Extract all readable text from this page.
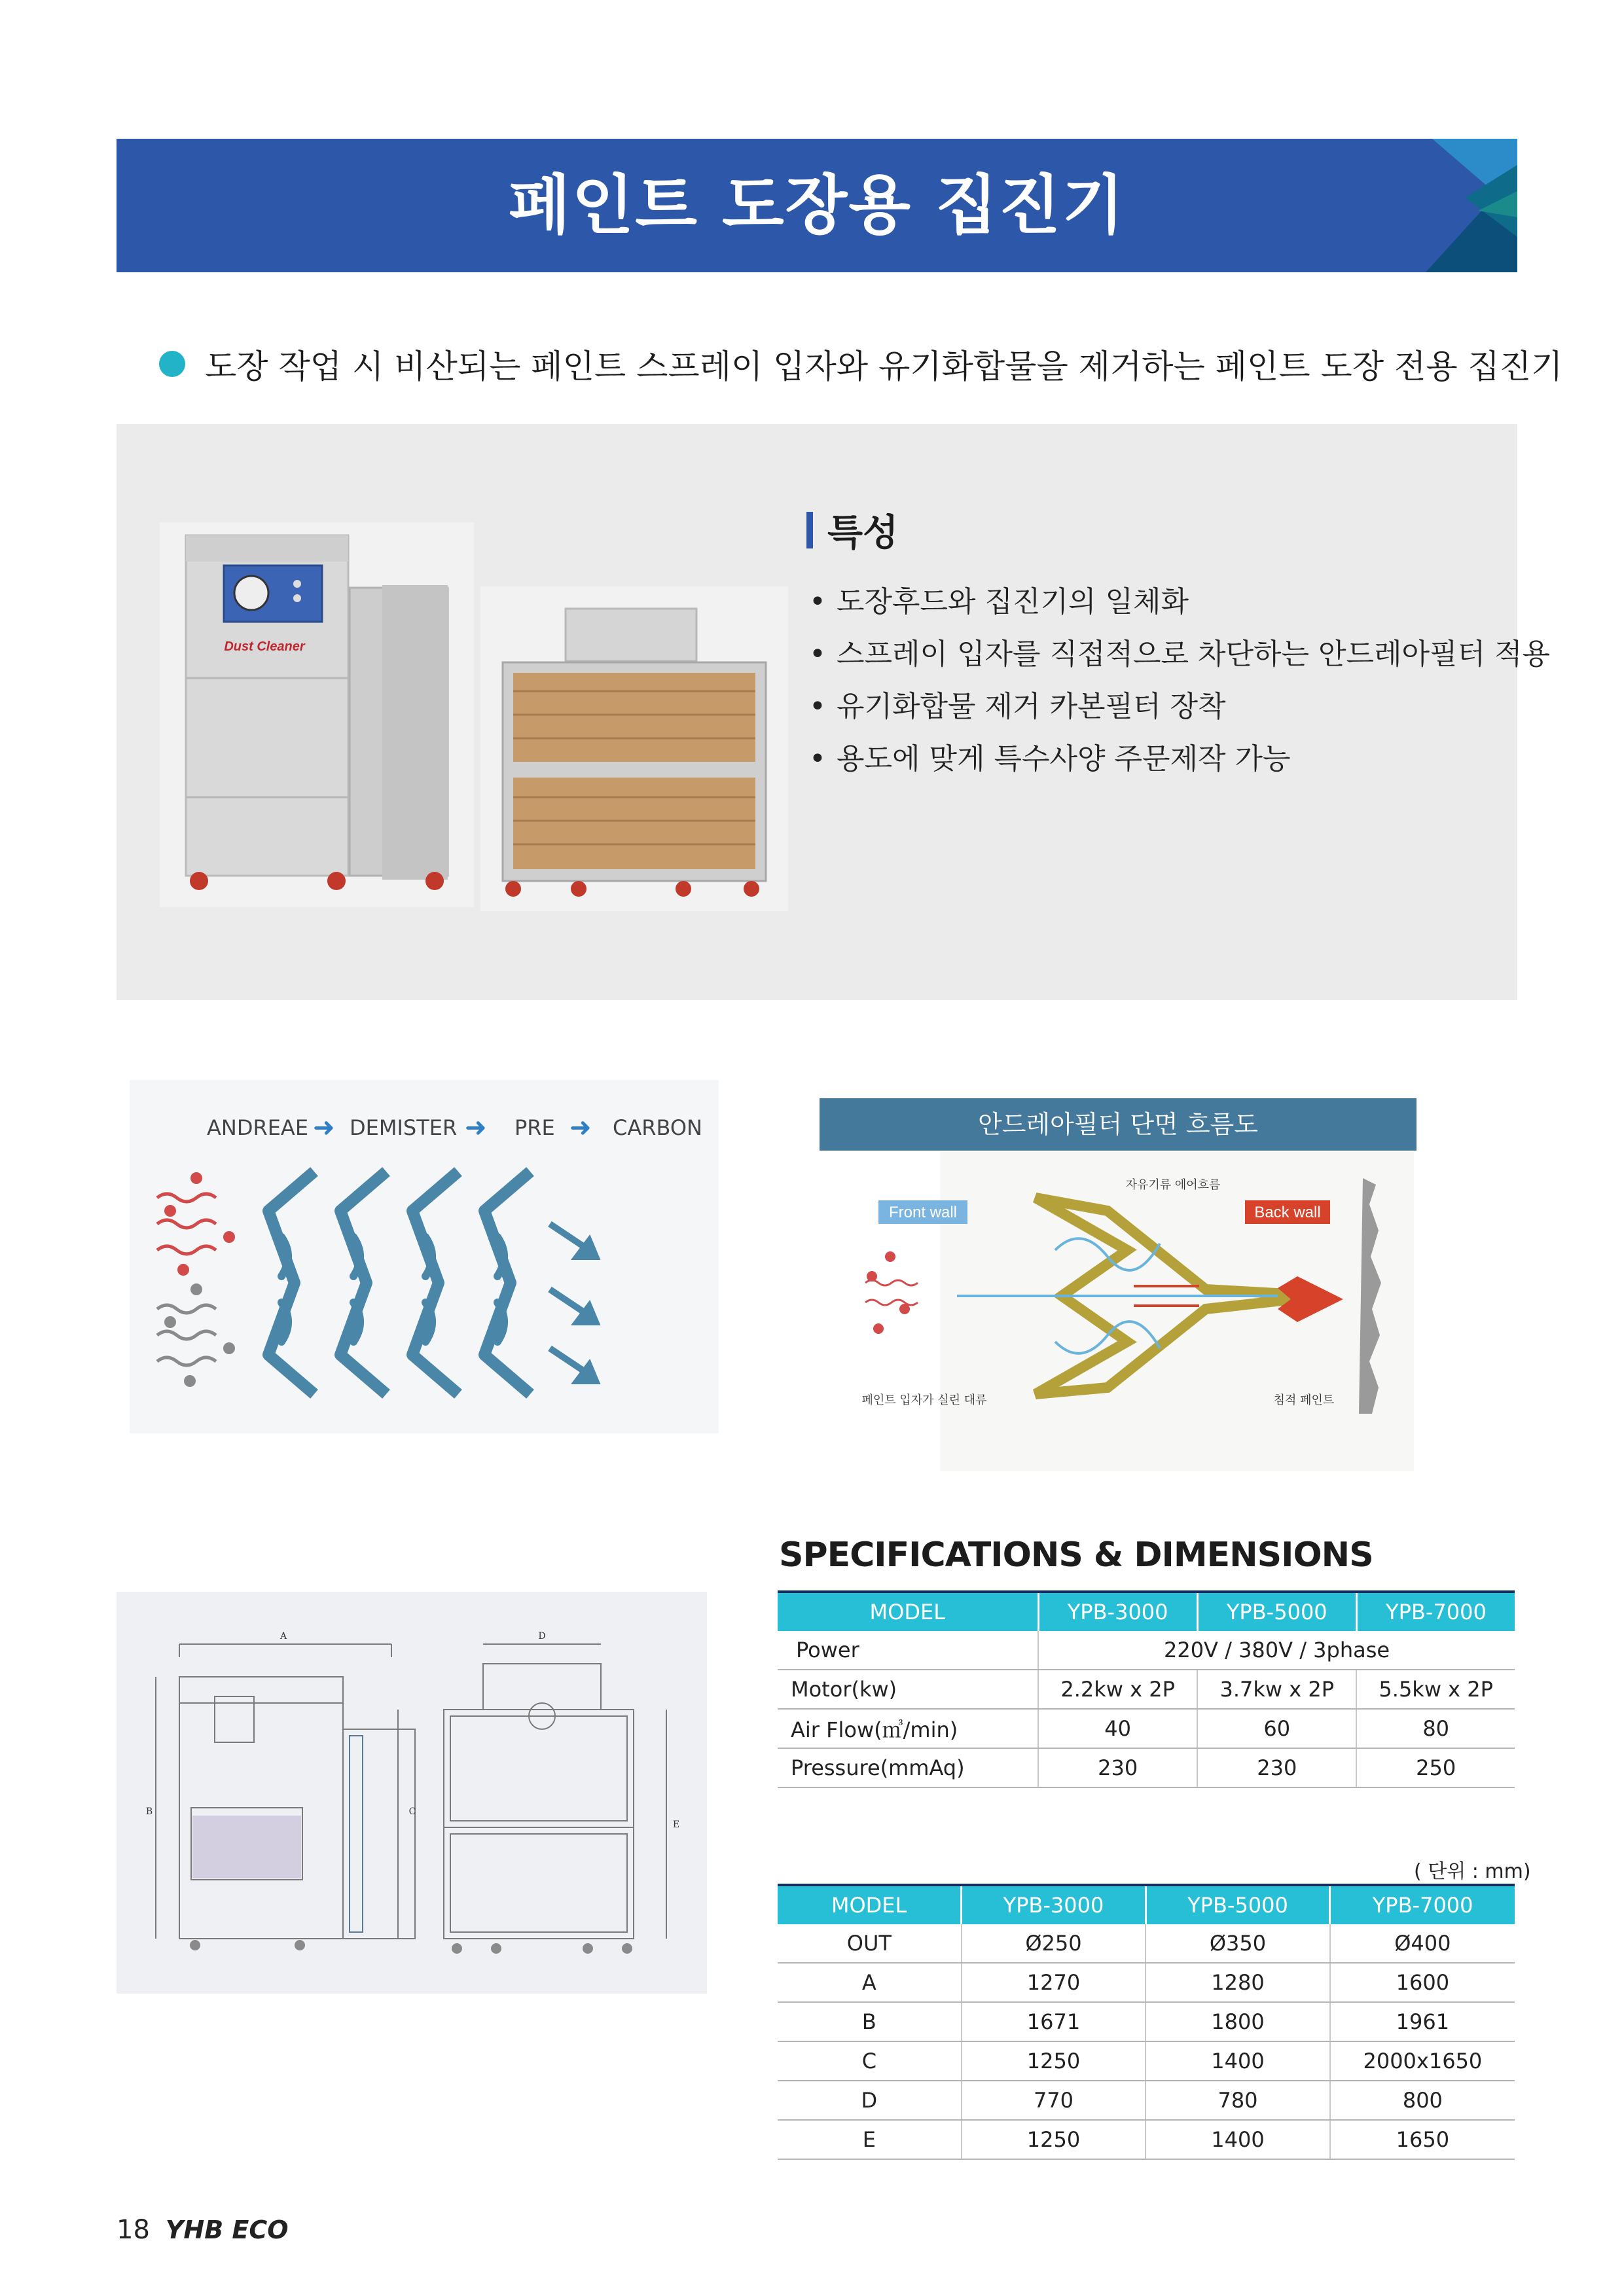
페인트 도장용 집진기
도장 작업 시 비산되는 페인트 스프레이 입자와 유기화합물을 제거하는 페인트 도장 전용 집진기
Dust Cleaner
특성
• 도장후드와 집진기의 일체화
• 스프레이 입자를 직접적으로 차단하는 안드레아필터 적용
• 유기화합물 제거 카본필터 장착
• 용도에 맞게 특수사양 주문제작 가능
ANDREAE ➜ DEMISTER ➜ PRE ➜ CARBON	안드레아필터 단면 흐름도
Front wall	Back wall
자유기류 에어흐름
페인트 입자가 실린 대류	침적 페인트
SPECIFICATIONS & DIMENSIONS
MODEL	YPB-3000	YPB-5000	YPB-7000
Power	220V / 380V / 3phase		
Motor(kw)	2.2kw x 2P	3.7kw x 2P	5.5kw x 2P
Air Flow(㎥/min)	40	60	80
Pressure(mmAq)	230	230	250
A
B	C
D
E
( 단위 : mm)
MODEL	YPB-3000	YPB-5000	YPB-7000
OUT	Ø250	Ø350	Ø400
A	1270	1280	1600
B	1671	1800	1961
C	1250	1400	2000x1650
D	770	780	800
E	1250	1400	1650
18 YHB ECO
